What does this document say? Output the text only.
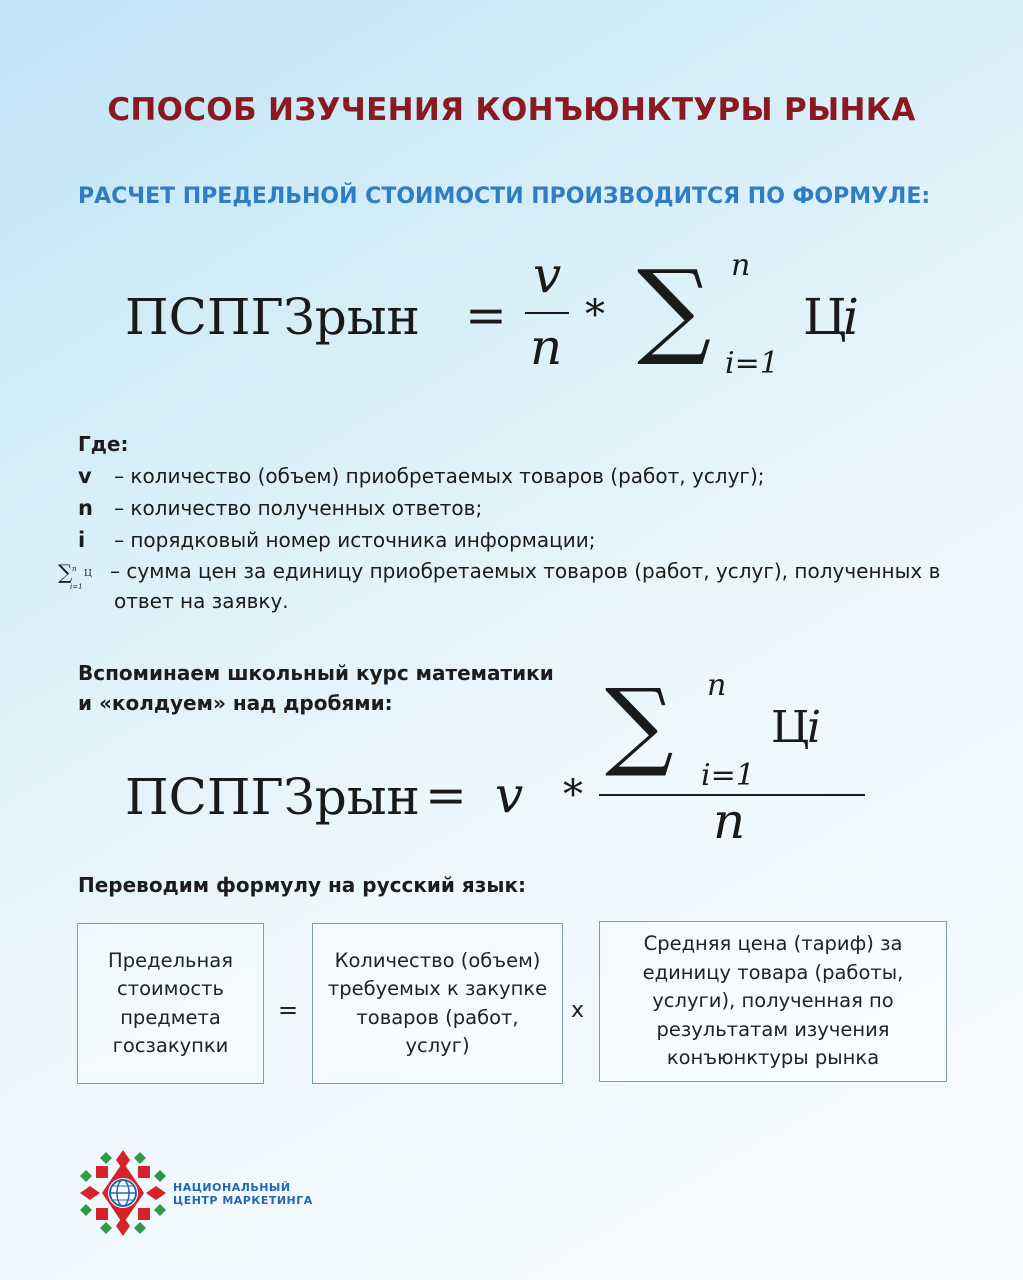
СПОСОБ ИЗУЧЕНИЯ КОНЪЮНКТУРЫ РЫНКА
РАСЧЕТ ПРЕДЕЛЬНОЙ СТОИМОСТИ ПРОИЗВОДИТСЯ ПО ФОРМУЛЕ:
ПСПГЗрын =
v
n
* ∑ n
i=1
Ц
i
Где:
v – количество (объем) приобретаемых товаров (работ, услуг);
n – количество полученных ответов;
i – порядковый номер источника информации;
∑ n
i=1
Ц – сумма цен за единицу приобретаемых товаров (работ, услуг), полученных в ответ на заявку.
Вспоминаем школьный курс математики
и «колдуем» над дробями:
ПСПГЗрын = v *
∑ n
i=1
Ц
i
n
Переводим формулу на русский язык:
Предельная стоимость предмета госзакупки
=
Количество (объем) требуемых к закупке товаров (работ, услуг)
x
Средняя цена (тариф) за единицу товара (работы, услуги), полученная по результатам изучения конъюнктуры рынка
НАЦИОНАЛЬНЫЙ
ЦЕНТР МАРКЕТИНГА
